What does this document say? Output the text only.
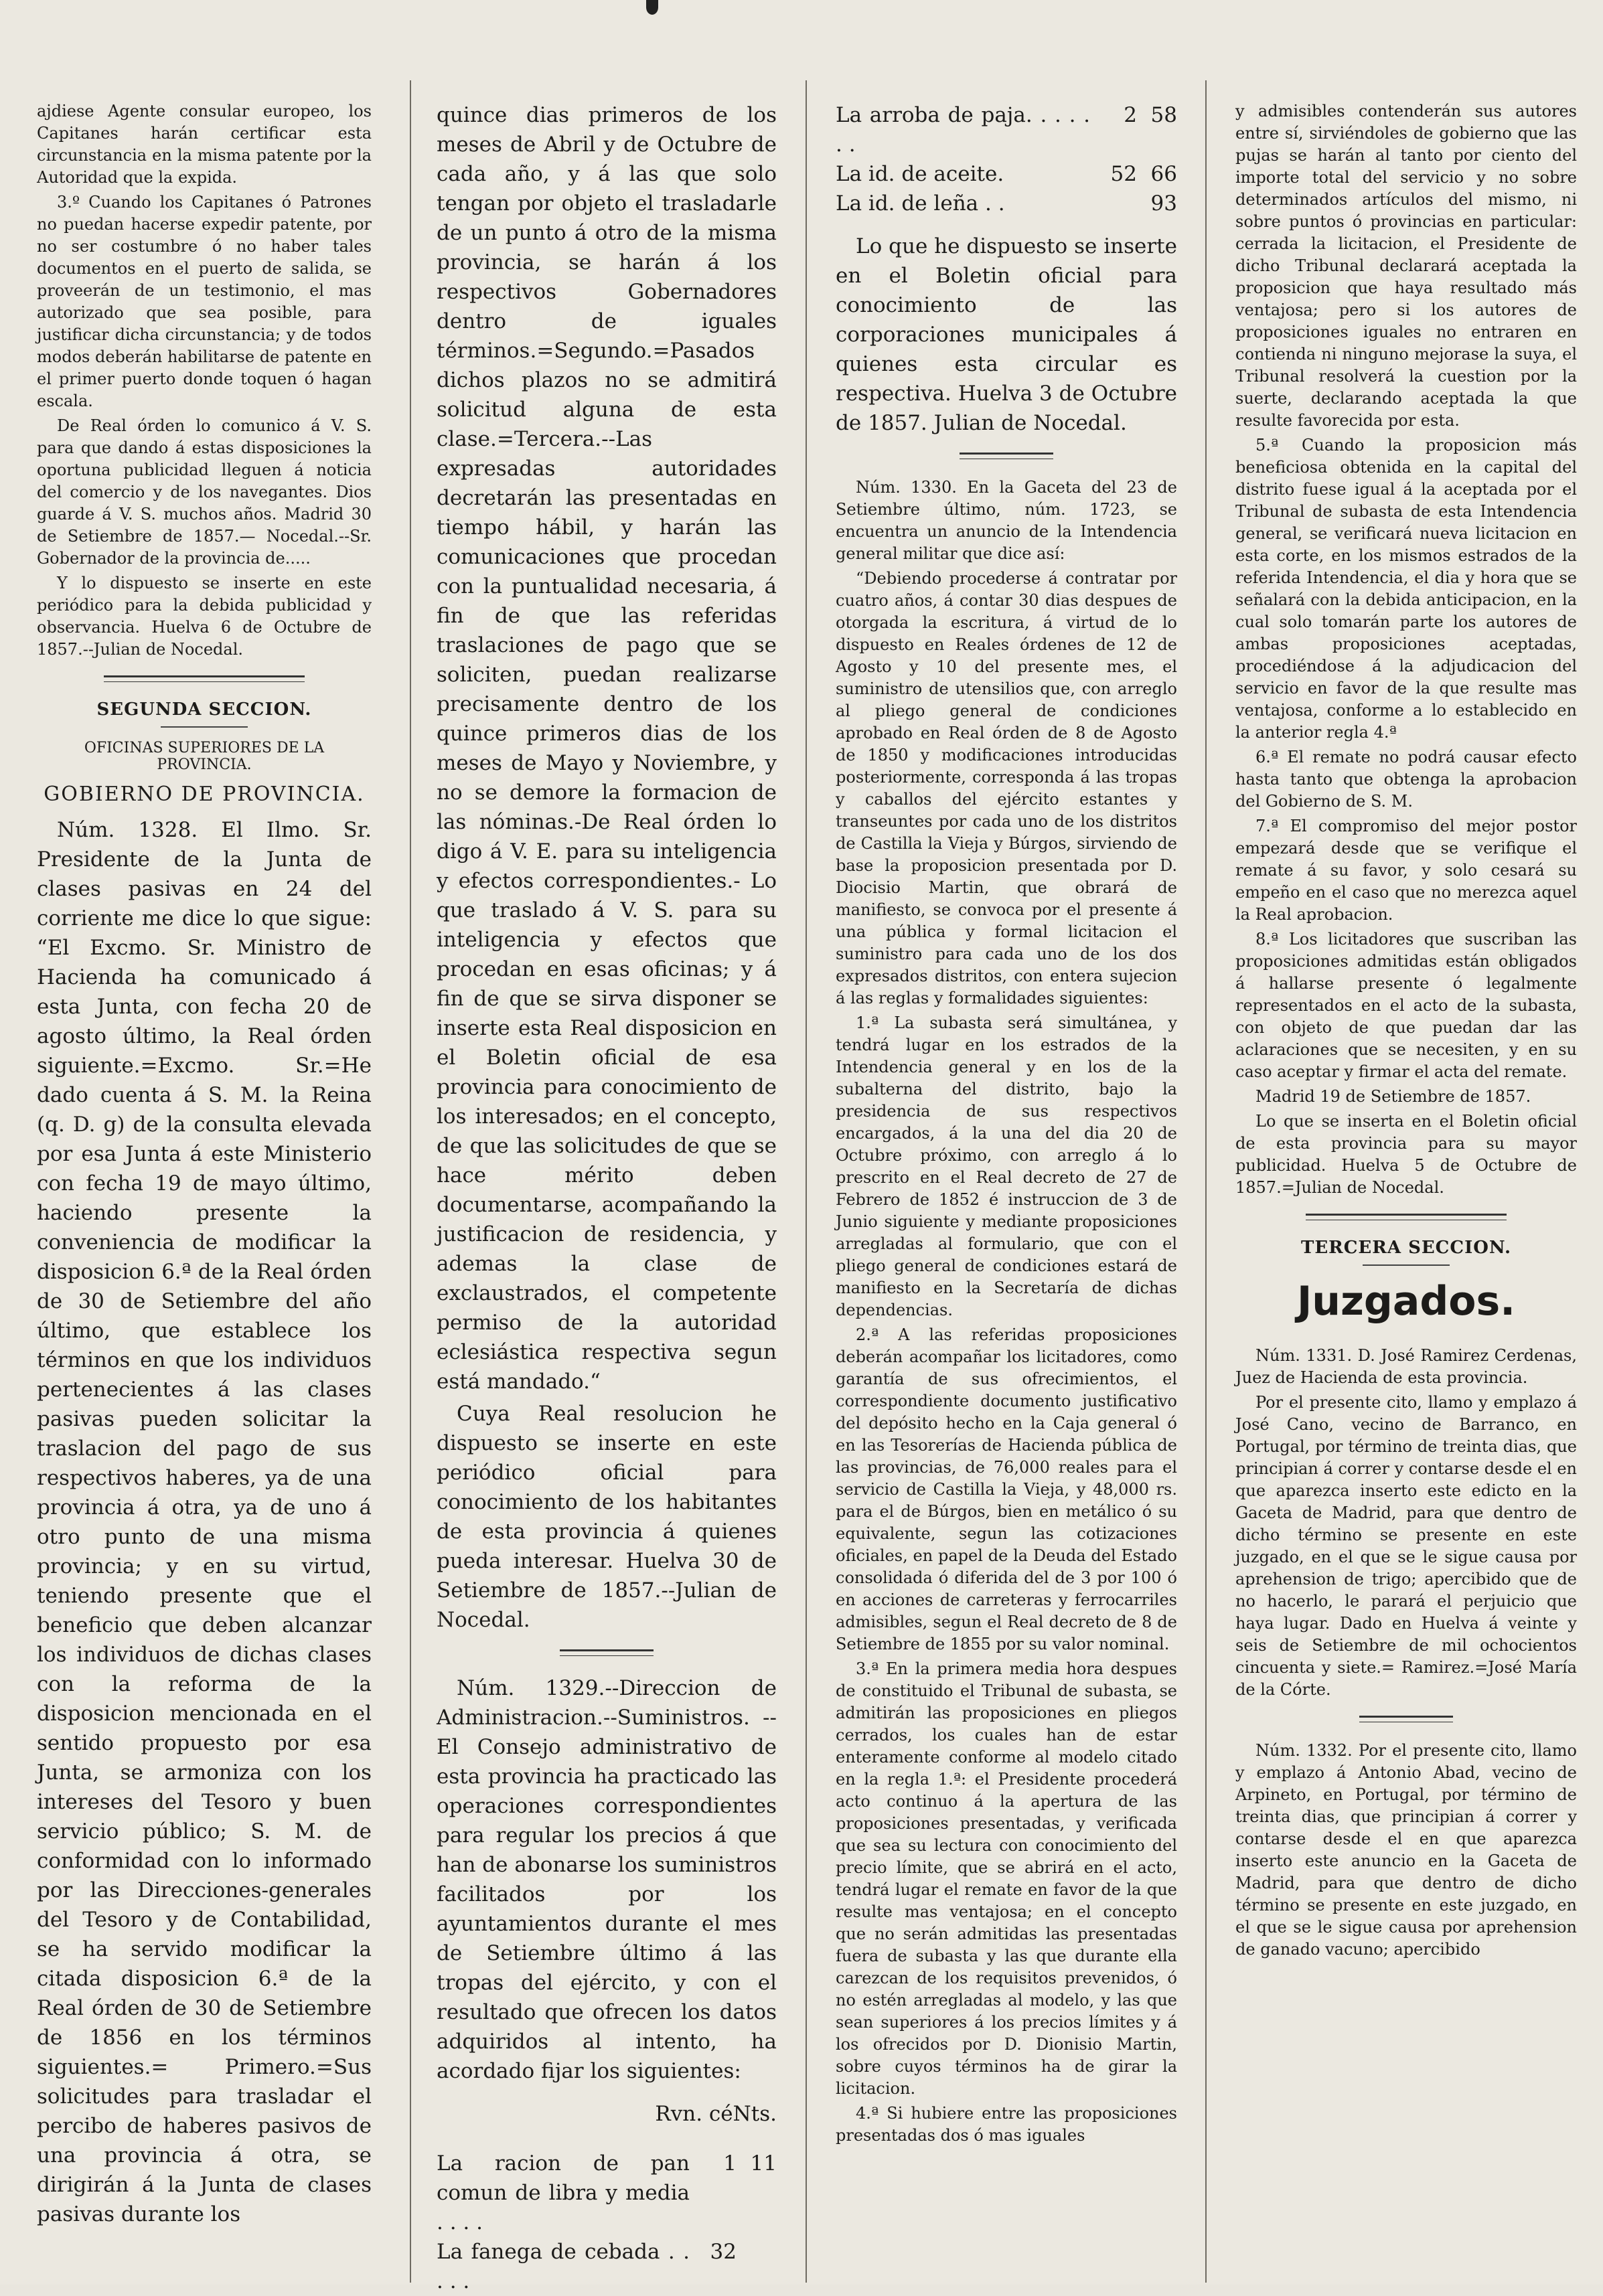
ajdiese Agente consular europeo, los Capitanes harán certificar esta circunstancia en la misma patente por la Autoridad que la expida.

3.º Cuando los Capitanes ó Patrones no puedan hacerse expedir patente, por no ser costumbre ó no haber tales documentos en el puerto de salida, se proveerán de un testimonio, el mas autorizado que sea posible, para justificar dicha circunstancia; y de todos modos deberán habilitarse de patente en el primer puerto donde toquen ó hagan escala.

De Real órden lo comunico á V. S. para que dando á estas disposiciones la oportuna publicidad lleguen á noticia del comercio y de los navegantes. Dios guarde á V. S. muchos años. Madrid 30 de Setiembre de 1857.— Nocedal.--Sr. Gobernador de la provincia de.....

Y lo dispuesto se inserte en este periódico para la debida publicidad y observancia. Huelva 6 de Octubre de 1857.--Julian de Nocedal.

SEGUNDA SECCION.
OFICINAS SUPERIORES DE LA PROVINCIA.
GOBIERNO DE PROVINCIA.

Núm. 1328. El Ilmo. Sr. Presidente de la Junta de clases pasivas en 24 del corriente me dice lo que sigue: “El Excmo. Sr. Ministro de Hacienda ha comunicado á esta Junta, con fecha 20 de agosto último, la Real órden siguiente.=Excmo. Sr.=He dado cuenta á S. M. la Reina (q. D. g) de la consulta elevada por esa Junta á este Ministerio con fecha 19 de mayo último, haciendo presente la conveniencia de modificar la disposicion 6.ª de la Real órden de 30 de Setiembre del año último, que establece los términos en que los individuos pertenecientes á las clases pasivas pueden solicitar la traslacion del pago de sus respectivos haberes, ya de una provincia á otra, ya de uno á otro punto de una misma provincia; y en su virtud, teniendo presente que el beneficio que deben alcanzar los individuos de dichas clases con la reforma de la disposicion mencionada en el sentido propuesto por esa Junta, se armoniza con los intereses del Tesoro y buen servicio público; S. M. de conformidad con lo informado por las Direcciones-generales del Tesoro y de Contabilidad, se ha servido modificar la citada disposicion 6.ª de la Real órden de 30 de Setiembre de 1856 en los términos siguientes.= Primero.=Sus solicitudes para trasladar el percibo de haberes pasivos de una provincia á otra, se dirigirán á la Junta de clases pasivas durante los

quince dias primeros de los meses de Abril y de Octubre de cada año, y á las que solo tengan por objeto el trasladarle de un punto á otro de la misma provincia, se harán á los respectivos Gobernadores dentro de iguales términos.=Segundo.=Pasados dichos plazos no se admitirá solicitud alguna de esta clase.=Tercera.--Las expresadas autoridades decretarán las presentadas en tiempo hábil, y harán las comunicaciones que procedan con la puntualidad necesaria, á fin de que las referidas traslaciones de pago que se soliciten, puedan realizarse precisamente dentro de los quince primeros dias de los meses de Mayo y Noviembre, y no se demore la formacion de las nóminas.-De Real órden lo digo á V. E. para su inteligencia y efectos correspondientes.- Lo que traslado á V. S. para su inteligencia y efectos que procedan en esas oficinas; y á fin de que se sirva disponer se inserte esta Real disposicion en el Boletin oficial de esa provincia para conocimiento de los interesados; en el concepto, de que las solicitudes de que se hace mérito deben documentarse, acompañando la justificacion de residencia, y ademas la clase de exclaustrados, el competente permiso de la autoridad eclesiástica respectiva segun está mandado.“

Cuya Real resolucion he dispuesto se inserte en este periódico oficial para conocimiento de los habitantes de esta provincia á quienes pueda interesar. Huelva 30 de Setiembre de 1857.--Julian de Nocedal.

Núm. 1329.--Direccion de Administracion.--Suministros. --El Consejo administrativo de esta provincia ha practicado las operaciones correspondientes para regular los precios á que han de abonarse los suministros facilitados por los ayuntamientos durante el mes de Setiembre último á las tropas del ejército, y con el resultado que ofrecen los datos adquiridos al intento, ha acordado fijar los siguientes:

Rvn. céNts.

La racion de pan comun de libra y media . . . .
1 11
La fanega de cebada . . . . .
32
La arroba de paja. . . . . . .
2 58
La id. de aceite.	52 66
La id. de leña . .	93

Lo que he dispuesto se inserte en el Boletin oficial para conocimiento de las corporaciones municipales á quienes esta circular es respectiva. Huelva 3 de Octubre de 1857. Julian de Nocedal.

Núm. 1330. En la Gaceta del 23 de Setiembre último, núm. 1723, se encuentra un anuncio de la Intendencia general militar que dice así:

“Debiendo procederse á contratar por cuatro años, á contar 30 dias despues de otorgada la escritura, á virtud de lo dispuesto en Reales órdenes de 12 de Agosto y 10 del presente mes, el suministro de utensilios que, con arreglo al pliego general de condiciones aprobado en Real órden de 8 de Agosto de 1850 y modificaciones introducidas posteriormente, corresponda á las tropas y caballos del ejército estantes y transeuntes por cada uno de los distritos de Castilla la Vieja y Búrgos, sirviendo de base la proposicion presentada por D. Diocisio Martin, que obrará de manifiesto, se convoca por el presente á una pública y formal licitacion el suministro para cada uno de los dos expresados distritos, con entera sujecion á las reglas y formalidades siguientes:

1.ª La subasta será simultánea, y tendrá lugar en los estrados de la Intendencia general y en los de la subalterna del distrito, bajo la presidencia de sus respectivos encargados, á la una del dia 20 de Octubre próximo, con arreglo á lo prescrito en el Real decreto de 27 de Febrero de 1852 é instruccion de 3 de Junio siguiente y mediante proposiciones arregladas al formulario, que con el pliego general de condiciones estará de manifiesto en la Secretaría de dichas dependencias.

2.ª A las referidas proposiciones deberán acompañar los licitadores, como garantía de sus ofrecimientos, el correspondiente documento justificativo del depósito hecho en la Caja general ó en las Tesorerías de Hacienda pública de las provincias, de 76,000 reales para el servicio de Castilla la Vieja, y 48,000 rs. para el de Búrgos, bien en metálico ó su equivalente, segun las cotizaciones oficiales, en papel de la Deuda del Estado consolidada ó diferida del de 3 por 100 ó en acciones de carreteras y ferrocarriles admisibles, segun el Real decreto de 8 de Setiembre de 1855 por su valor nominal.

3.ª En la primera media hora despues de constituido el Tribunal de subasta, se admitirán las proposiciones en pliegos cerrados, los cuales han de estar enteramente conforme al modelo citado en la regla 1.ª: el Presidente procederá acto continuo á la apertura de las proposiciones presentadas, y verificada que sea su lectura con conocimiento del precio límite, que se abrirá en el acto, tendrá lugar el remate en favor de la que resulte mas ventajosa; en el concepto que no serán admitidas las presentadas fuera de subasta y las que durante ella carezcan de los requisitos prevenidos, ó no estén arregladas al modelo, y las que sean superiores á los precios límites y á los ofrecidos por D. Dionisio Martin, sobre cuyos términos ha de girar la licitacion.

4.ª Si hubiere entre las proposiciones presentadas dos ó mas iguales

y admisibles contenderán sus autores entre sí, sirviéndoles de gobierno que las pujas se harán al tanto por ciento del importe total del servicio y no sobre determinados artículos del mismo, ni sobre puntos ó provincias en particular: cerrada la licitacion, el Presidente de dicho Tribunal declarará aceptada la proposicion que haya resultado más ventajosa; pero si los autores de proposiciones iguales no entraren en contienda ni ninguno mejorase la suya, el Tribunal resolverá la cuestion por la suerte, declarando aceptada la que resulte favorecida por esta.

5.ª Cuando la proposicion más beneficiosa obtenida en la capital del distrito fuese igual á la aceptada por el Tribunal de subasta de esta Intendencia general, se verificará nueva licitacion en esta corte, en los mismos estrados de la referida Intendencia, el dia y hora que se señalará con la debida anticipacion, en la cual solo tomarán parte los autores de ambas proposiciones aceptadas, procediéndose á la adjudicacion del servicio en favor de la que resulte mas ventajosa, conforme a lo establecido en la anterior regla 4.ª

6.ª El remate no podrá causar efecto hasta tanto que obtenga la aprobacion del Gobierno de S. M.

7.ª El compromiso del mejor postor empezará desde que se verifique el remate á su favor, y solo cesará su empeño en el caso que no merezca aquel la Real aprobacion.

8.ª Los licitadores que suscriban las proposiciones admitidas están obligados á hallarse presente ó legalmente representados en el acto de la subasta, con objeto de que puedan dar las aclaraciones que se necesiten, y en su caso aceptar y firmar el acta del remate.

Madrid 19 de Setiembre de 1857.

Lo que se inserta en el Boletin oficial de esta provincia para su mayor publicidad. Huelva 5 de Octubre de 1857.=Julian de Nocedal.

TERCERA SECCION.
Juzgados.

Núm. 1331. D. José Ramirez Cerdenas, Juez de Hacienda de esta provincia.

Por el presente cito, llamo y emplazo á José Cano, vecino de Barranco, en Portugal, por término de treinta dias, que principian á correr y contarse desde el en que aparezca inserto este edicto en la Gaceta de Madrid, para que dentro de dicho término se presente en este juzgado, en el que se le sigue causa por aprehension de trigo; apercibido que de no hacerlo, le parará el perjuicio que haya lugar. Dado en Huelva á veinte y seis de Setiembre de mil ochocientos cincuenta y siete.= Ramirez.=José María de la Córte.

Núm. 1332. Por el presente cito, llamo y emplazo á Antonio Abad, vecino de Arpineto, en Portugal, por término de treinta dias, que principian á correr y contarse desde el en que aparezca inserto este anuncio en la Gaceta de Madrid, para que dentro de dicho término se presente en este juzgado, en el que se le sigue causa por aprehension de ganado vacuno; apercibido
